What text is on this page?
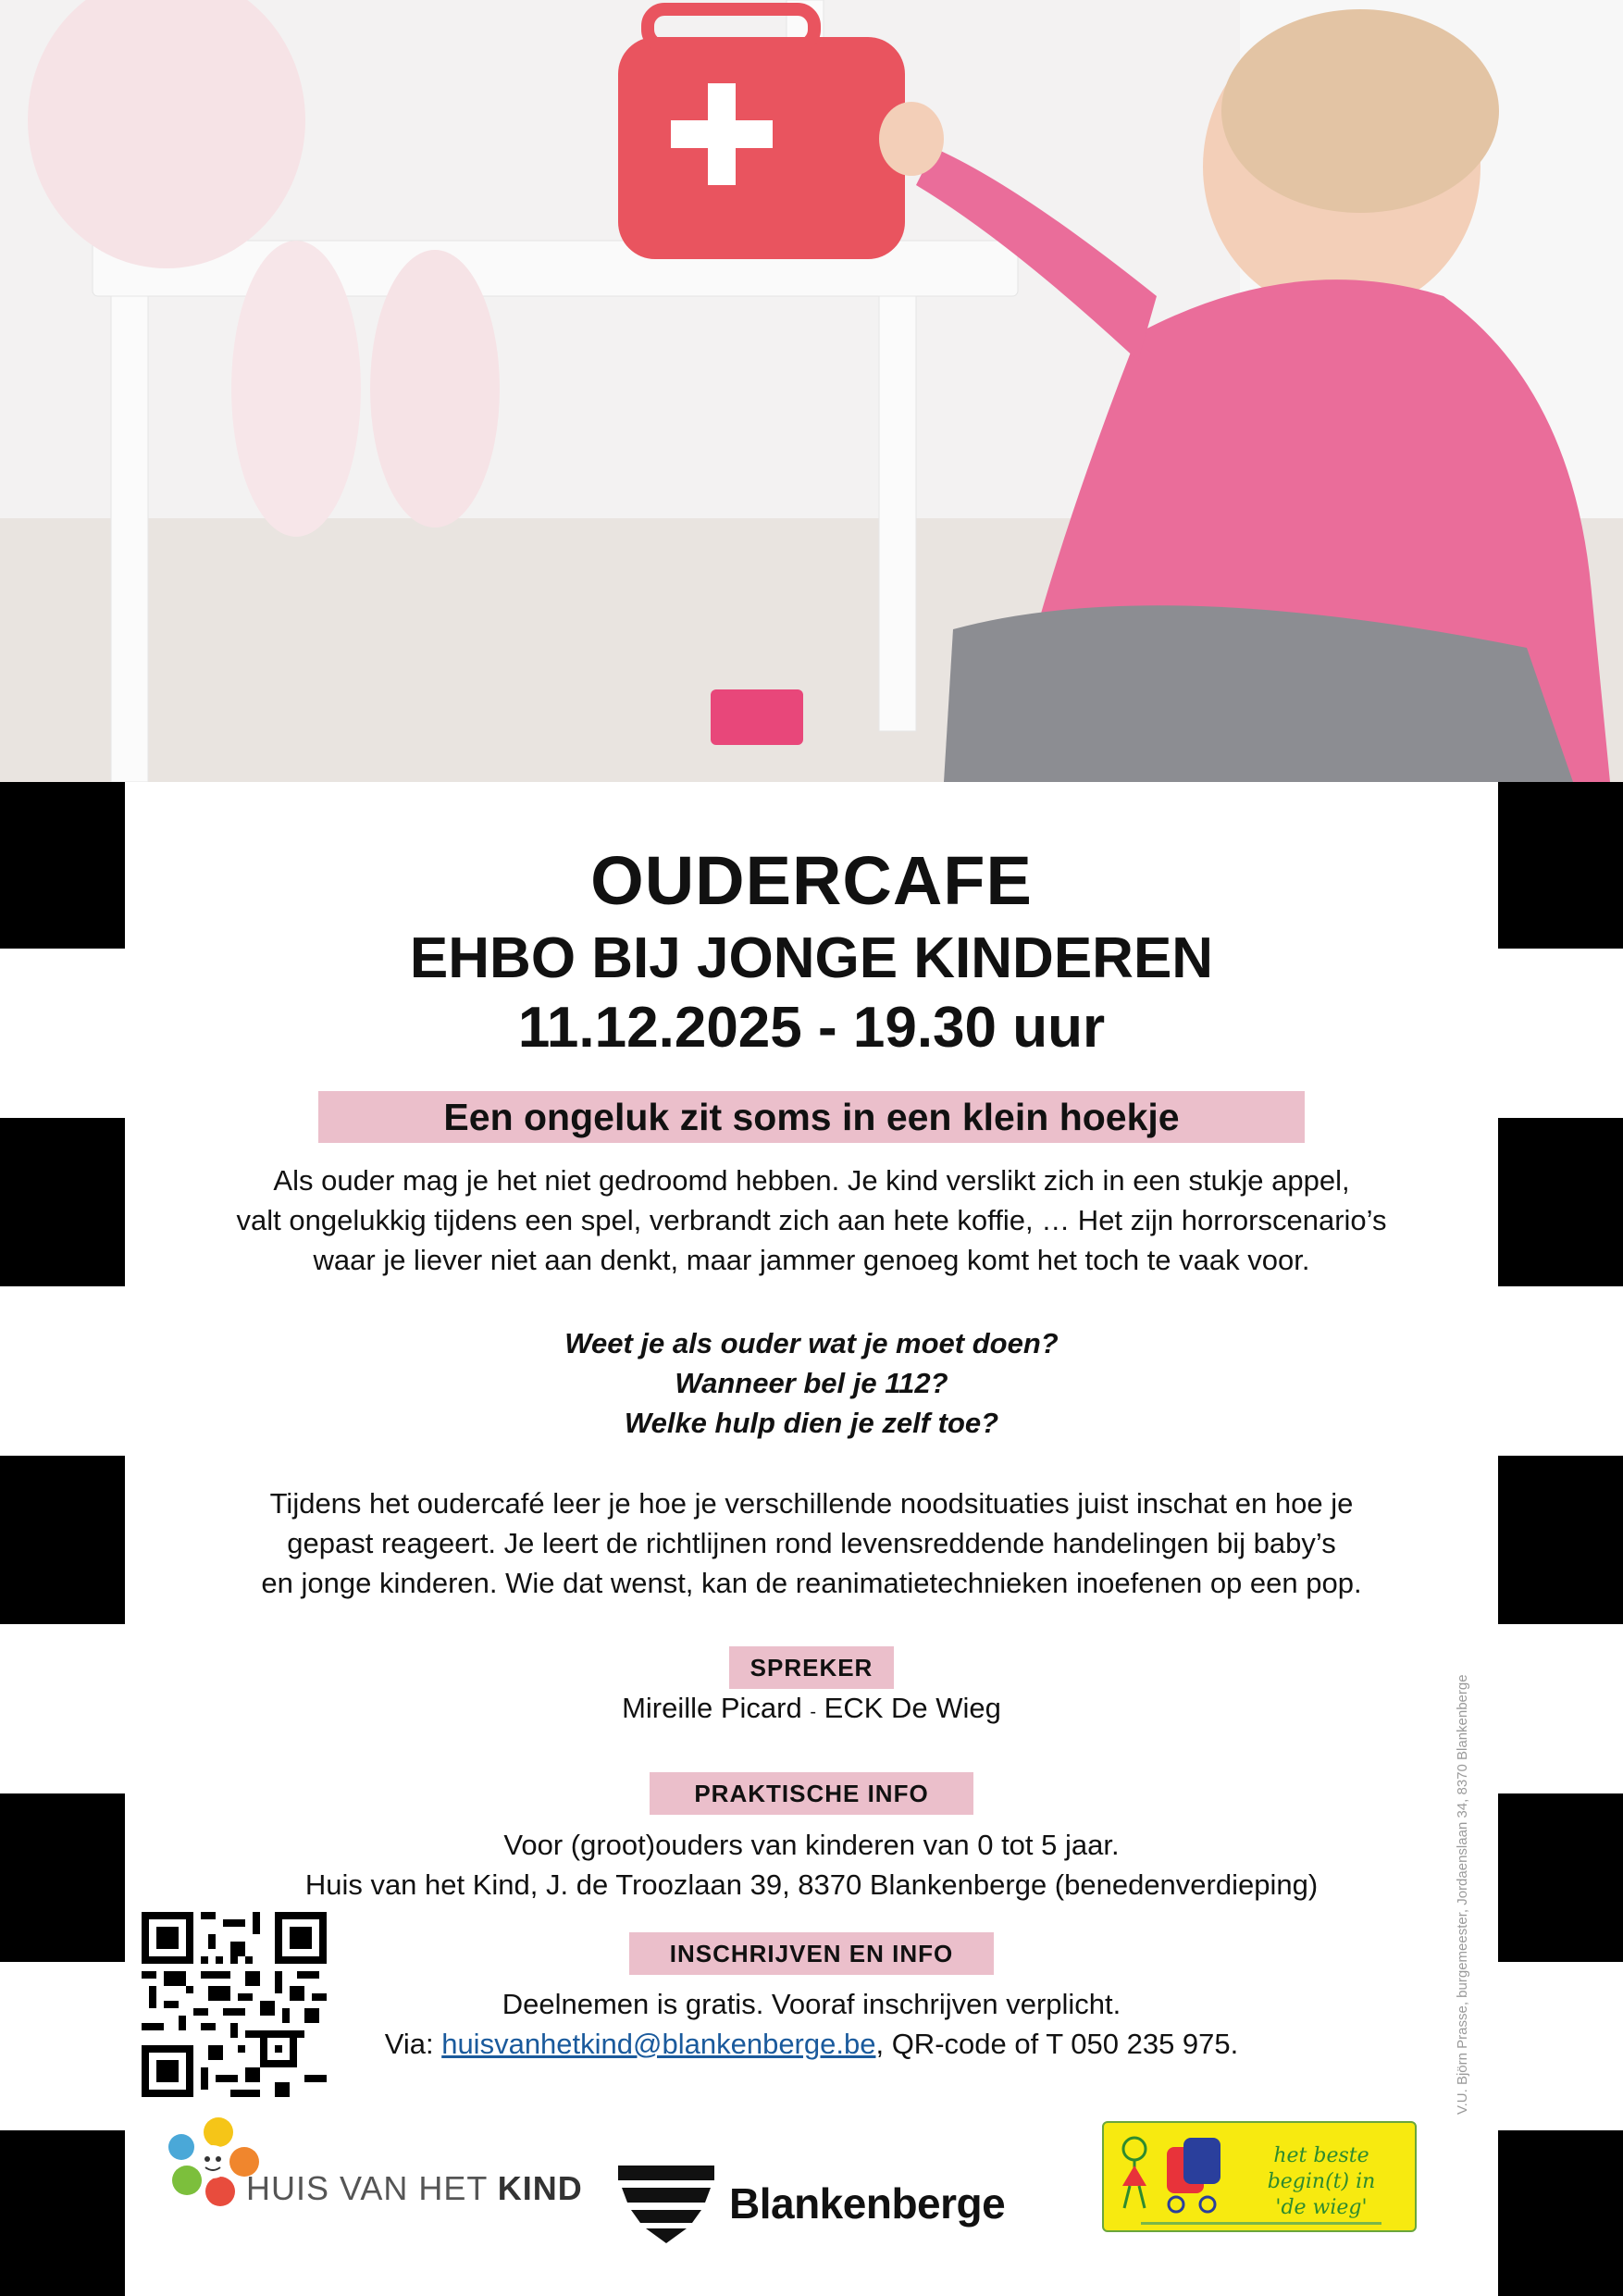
OUDERCAFE
EHBO BIJ JONGE KINDEREN
11.12.2025 - 19.30 uur
Een ongeluk zit soms in een klein hoekje
Als ouder mag je het niet gedroomd hebben. Je kind verslikt zich in een stukje appel,
valt ongelukkig tijdens een spel, verbrandt zich aan hete koffie, … Het zijn horrorscenario’s
waar je liever niet aan denkt, maar jammer genoeg komt het toch te vaak voor.
Weet je als ouder wat je moet doen?
Wanneer bel je 112?
Welke hulp dien je zelf toe?
Tijdens het oudercafé leer je hoe je verschillende noodsituaties juist inschat en hoe je
gepast reageert. Je leert de richtlijnen rond levensreddende handelingen bij baby’s
en jonge kinderen. Wie dat wenst, kan de reanimatietechnieken inoefenen op een pop.
SPREKER
Mireille Picard - ECK De Wieg
PRAKTISCHE INFO
Voor (groot)ouders van kinderen van 0 tot 5 jaar.
Huis van het Kind, J. de Troozlaan 39, 8370 Blankenberge (benedenverdieping)
INSCHRIJVEN EN INFO
Deelnemen is gratis. Vooraf inschrijven verplicht.
Via: huisvanhetkind@blankenberge.be, QR-code of T 050 235 975.	V.U. Björn Prasse, burgemeester, Jordaenslaan 34, 8370 Blankenberge
HUIS VAN HET KIND	Blankenberge
het beste begin(t) in
'de wieg'
